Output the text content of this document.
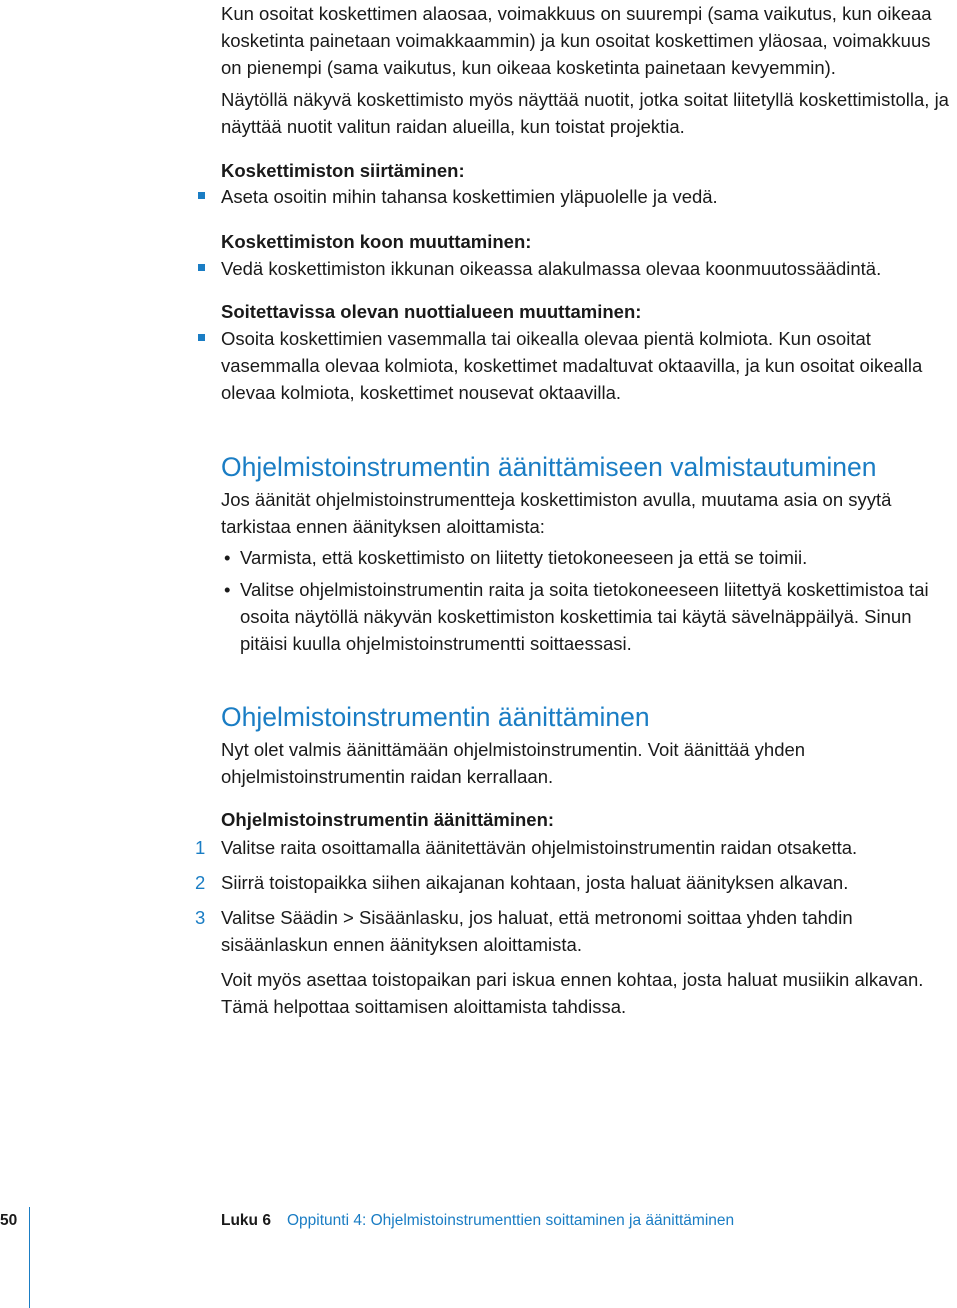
Kun osoitat koskettimen alaosaa, voimakkuus on suurempi (sama vaikutus, kun oikeaa kosketinta painetaan voimakkaammin) ja kun osoitat koskettimen yläosaa, voimakkuus on pienempi (sama vaikutus, kun oikeaa kosketinta painetaan kevyemmin).

Näytöllä näkyvä koskettimisto myös näyttää nuotit, jotka soitat liitetyllä koskettimistolla, ja näyttää nuotit valitun raidan alueilla, kun toistat projektia.

Koskettimiston siirtäminen:

Aseta osoitin mihin tahansa koskettimien yläpuolelle ja vedä.

Koskettimiston koon muuttaminen:

Vedä koskettimiston ikkunan oikeassa alakulmassa olevaa koonmuutossäädintä.

Soitettavissa olevan nuottialueen muuttaminen:

Osoita koskettimien vasemmalla tai oikealla olevaa pientä kolmiota. Kun osoitat vasemmalla olevaa kolmiota, koskettimet madaltuvat oktaavilla, ja kun osoitat oikealla olevaa kolmiota, koskettimet nousevat oktaavilla.

Ohjelmistoinstrumentin äänittämiseen valmistautuminen

Jos äänität ohjelmistoinstrumentteja koskettimiston avulla, muutama asia on syytä tarkistaa ennen äänityksen aloittamista:

• Varmista, että koskettimisto on liitetty tietokoneeseen ja että se toimii.

• Valitse ohjelmistoinstrumentin raita ja soita tietokoneeseen liitettyä koskettimistoa tai osoita näytöllä näkyvän koskettimiston koskettimia tai käytä sävelnäppäilyä. Sinun pitäisi kuulla ohjelmistoinstrumentti soittaessasi.

Ohjelmistoinstrumentin äänittäminen

Nyt olet valmis äänittämään ohjelmistoinstrumentin. Voit äänittää yhden ohjelmistoinstrumentin raidan kerrallaan.

Ohjelmistoinstrumentin äänittäminen:

1 Valitse raita osoittamalla äänitettävän ohjelmistoinstrumentin raidan otsaketta.

2 Siirrä toistopaikka siihen aikajanan kohtaan, josta haluat äänityksen alkavan.

3 Valitse Säädin > Sisäänlasku, jos haluat, että metronomi soittaa yhden tahdin sisäänlaskun ennen äänityksen aloittamista.

Voit myös asettaa toistopaikan pari iskua ennen kohtaa, josta haluat musiikin alkavan. Tämä helpottaa soittamisen aloittamista tahdissa.

50	Luku 6 Oppitunti 4: Ohjelmistoinstrumenttien soittaminen ja äänittäminen
